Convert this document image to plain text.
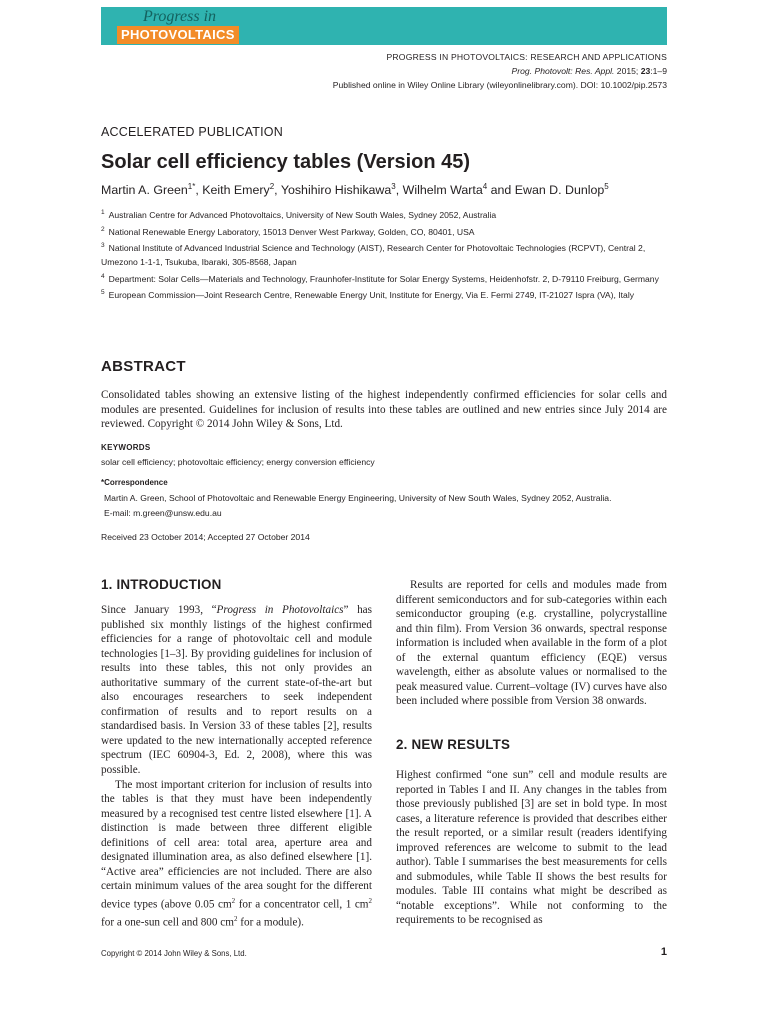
Progress in
PHOTOVOLTAICS
PROGRESS IN PHOTOVOLTAICS: RESEARCH AND APPLICATIONS
Prog. Photovolt: Res. Appl. 2015; 23:1–9
Published online in Wiley Online Library (wileyonlinelibrary.com). DOI: 10.1002/pip.2573
ACCELERATED PUBLICATION
Solar cell efficiency tables (Version 45)
Martin A. Green$^{1*}$, Keith Emery$^2$, Yoshihiro Hishikawa$^3$, Wilhelm Warta$^4$ and Ewan D. Dunlop$^5$
$^1$ Australian Centre for Advanced Photovoltaics, University of New South Wales, Sydney 2052, Australia
$^2$ National Renewable Energy Laboratory, 15013 Denver West Parkway, Golden, CO, 80401, USA
$^3$ National Institute of Advanced Industrial Science and Technology (AIST), Research Center for Photovoltaic Technologies (RCPVT), Central 2, Umezono 1-1-1, Tsukuba, Ibaraki, 305-8568, Japan
$^4$ Department: Solar Cells—Materials and Technology, Fraunhofer-Institute for Solar Energy Systems, Heidenhofstr. 2, D-79110 Freiburg, Germany
$^5$ European Commission—Joint Research Centre, Renewable Energy Unit, Institute for Energy, Via E. Fermi 2749, IT-21027 Ispra (VA), Italy
ABSTRACT
Consolidated tables showing an extensive listing of the highest independently confirmed efficiencies for solar cells and modules are presented. Guidelines for inclusion of results into these tables are outlined and new entries since July 2014 are reviewed. Copyright © 2014 John Wiley & Sons, Ltd.
KEYWORDS
solar cell efficiency; photovoltaic efficiency; energy conversion efficiency
*Correspondence
Martin A. Green, School of Photovoltaic and Renewable Energy Engineering, University of New South Wales, Sydney 2052, Australia.
E-mail: m.green@unsw.edu.au
Received 23 October 2014; Accepted 27 October 2014
1. INTRODUCTION

Since January 1993, “Progress in Photovoltaics” has published six monthly listings of the highest confirmed efficiencies for a range of photovoltaic cell and module technologies [1–3]. By providing guidelines for inclusion of results into these tables, this not only provides an authoritative summary of the current state-of-the-art but also encourages researchers to seek independent confirmation of results and to report results on a standardised basis. In Version 33 of these tables [2], results were updated to the new internationally accepted reference spectrum (IEC 60904-3, Ed. 2, 2008), where this was possible.

The most important criterion for inclusion of results into the tables is that they must have been independently measured by a recognised test centre listed elsewhere [1]. A distinction is made between three different eligible definitions of cell area: total area, aperture area and designated illumination area, as also defined elsewhere [1]. “Active area” efficiencies are not included. There are also certain minimum values of the area sought for the different device types (above 0.05 $cm^2$ for a concentrator cell, 1 $cm^2$ for a one-sun cell and 800 $cm^2$ for a module).

Results are reported for cells and modules made from different semiconductors and for sub-categories within each semiconductor grouping (e.g. crystalline, polycrystalline and thin film). From Version 36 onwards, spectral response information is included when available in the form of a plot of the external quantum efficiency (EQE) versus wavelength, either as absolute values or normalised to the peak measured value. Current–voltage (IV) curves have also been included where possible from Version 38 onwards.

2. NEW RESULTS

Highest confirmed “one sun” cell and module results are reported in Tables I and II. Any changes in the tables from those previously published [3] are set in bold type. In most cases, a literature reference is provided that describes either the result reported, or a similar result (readers identifying improved references are welcome to submit to the lead author). Table I summarises the best measurements for cells and submodules, while Table II shows the best results for modules. Table III contains what might be described as “notable exceptions”. While not conforming to the requirements to be recognised as

Copyright © 2014 John Wiley & Sons, Ltd.	1
